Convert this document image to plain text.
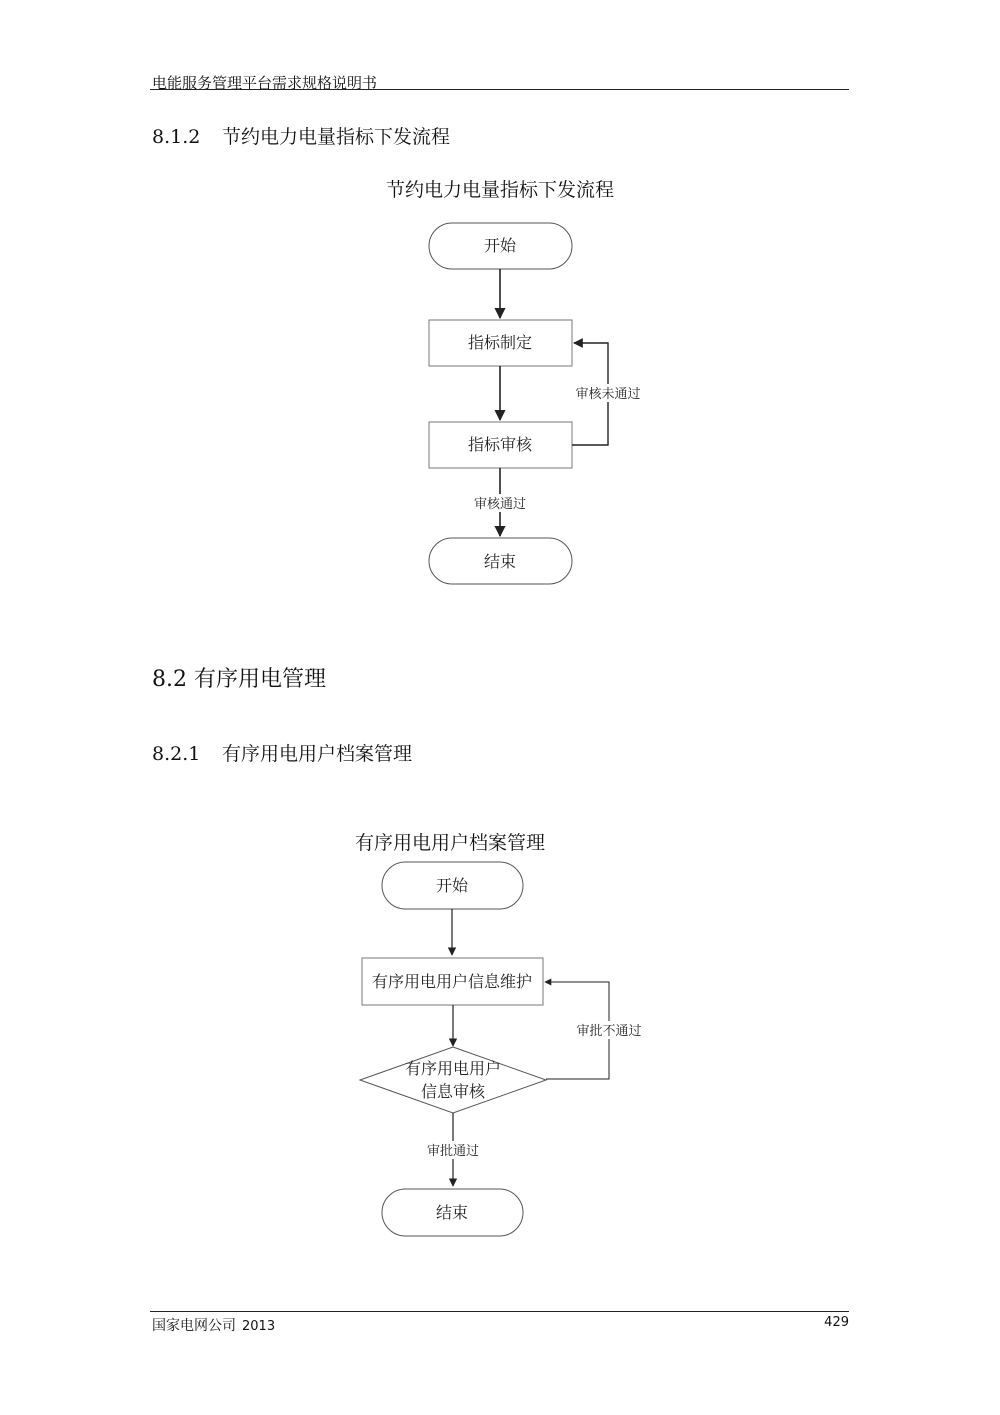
电能服务管理平台需求规格说明书
8.1.2 节约电力电量指标下发流程
节约电力电量指标下发流程
开始
指标制定
指标审核
审核未通过
审核通过
结束
开始
有序用电用户信息维护
有序用电用户
信息审核
审批不通过
审批通过
结束
8.2 有序用电管理
8.2.1 有序用电用户档案管理
有序用电用户档案管理
国家电网公司 2013	429
